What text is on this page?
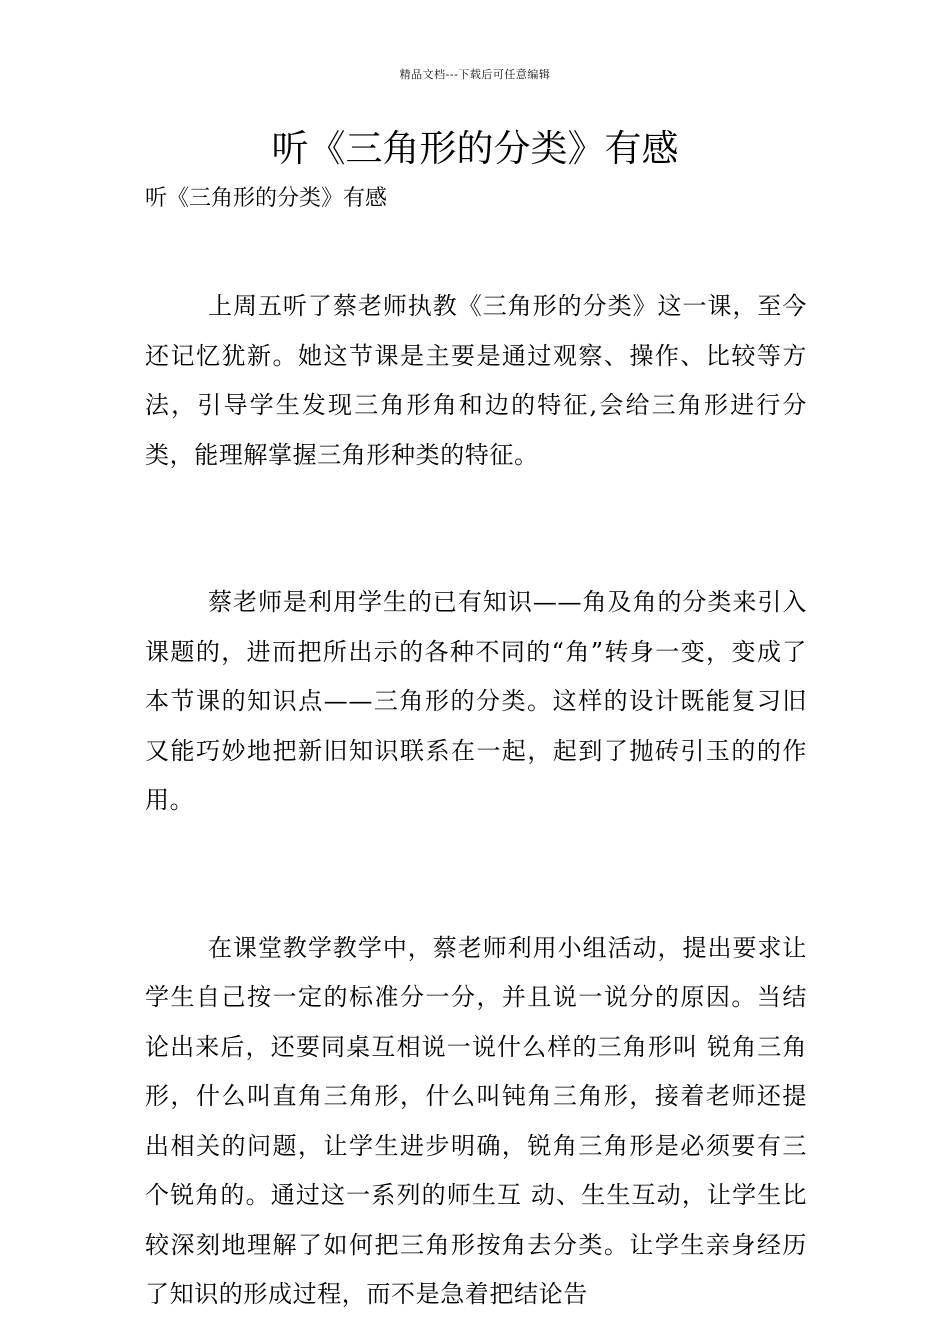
精品文档---下载后可任意编辑
听《三角形的分类》有感
听《三角形的分类》有感

上周五听了蔡老师执教《三角形的分类》这一课，至今还记忆犹新。她这节课是主要是通过观察、操作、比较等方法，引导学生发现三角形角和边的特征,会给三角形进行分类，能理解掌握三角形种类的特征。

蔡老师是利用学生的已有知识——角及角的分类来引入课题的，进而把所出示的各种不同的“角”转身一变，变成了本节课的知识点——三角形的分类。这样的设计既能复习旧又能巧妙地把新旧知识联系在一起，起到了抛砖引玉的的作用。

在课堂教学教学中，蔡老师利用小组活动，提出要求让学生自己按一定的标准分一分，并且说一说分的原因。当结论出来后，还要同桌互相说一说什么样的三角形叫 锐角三角形，什么叫直角三角形，什么叫钝角三角形，接着老师还提出相关的问题，让学生进步明确，锐角三角形是必须要有三个锐角的。通过这一系列的师生互 动、生生互动，让学生比较深刻地理解了如何把三角形按角去分类。让学生亲身经历了知识的形成过程，而不是急着把结论告
